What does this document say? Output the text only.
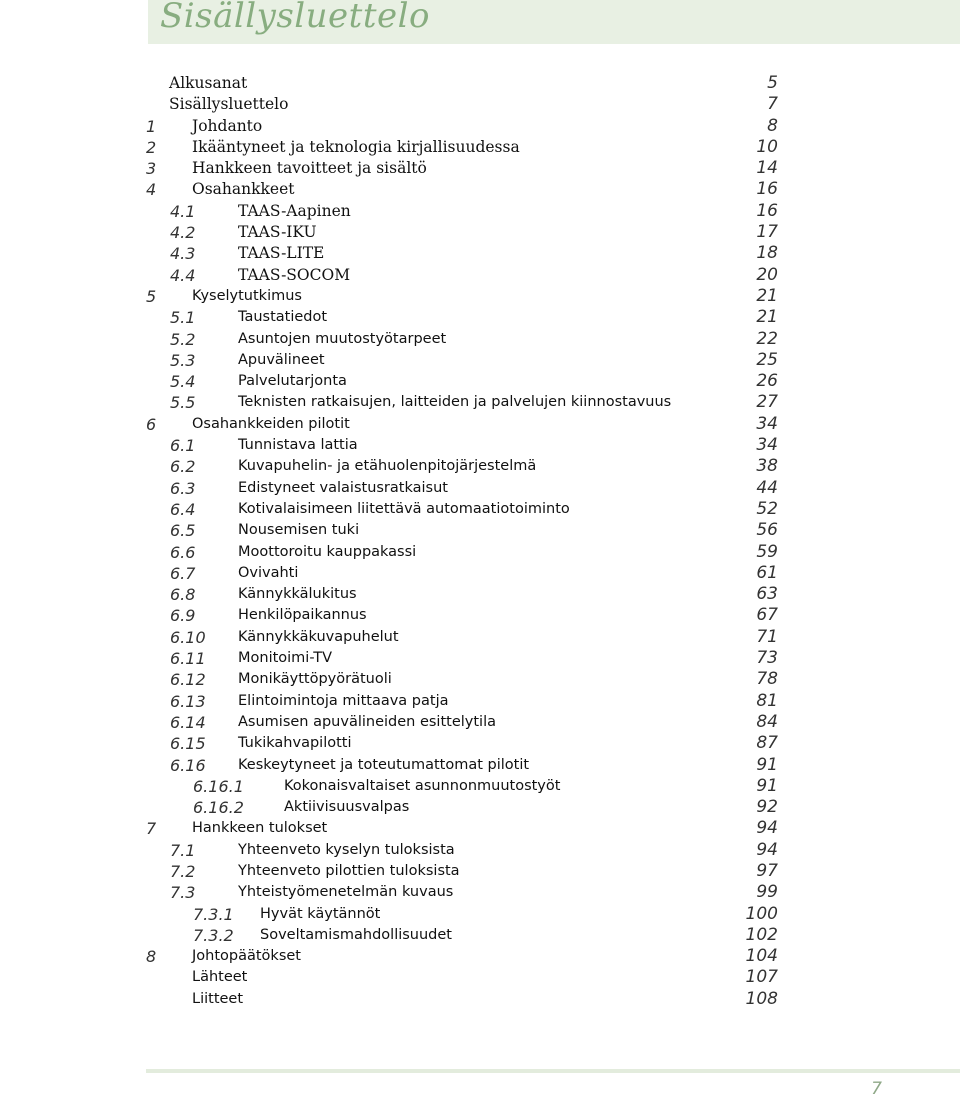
Sisällysluettelo
Alkusanat	5
Sisällysluettelo	7
1 Johdanto	8
2 Ikääntyneet ja teknologia kirjallisuudessa	10
3 Hankkeen tavoitteet ja sisältö	14
4 Osahankkeet	16
4.1	TAAS-Aapinen	16
4.2	TAAS-IKU	17
4.3	TAAS-LITE	18
4.4	TAAS-SOCOM	20
5 Kyselytutkimus	21
5.1	Taustatiedot	21
5.2	Asuntojen muutostyötarpeet	22
5.3	Apuvälineet	25
5.4	Palvelutarjonta	26
5.5	Teknisten ratkaisujen, laitteiden ja palvelujen kiinnostavuus	27
6 Osahankkeiden pilotit	34
6.1	Tunnistava lattia	34
6.2	Kuvapuhelin- ja etähuolenpitojärjestelmä	38
6.3	Edistyneet valaistusratkaisut	44
6.4	Kotivalaisimeen liitettävä automaatiotoiminto	52
6.5	Nousemisen tuki	56
6.6	Moottoroitu kauppakassi	59
6.7	Ovivahti	61
6.8	Kännykkälukitus	63
6.9	Henkilöpaikannus	67
6.10 Kännykkäkuvapuhelut	71
6.11 Monitoimi-TV	73
6.12 Monikäyttöpyörätuoli	78
6.13 Elintoimintoja mittaava patja	81
6.14 Asumisen apuvälineiden esittelytila	84
6.15 Tukikahvapilotti	87
6.16 Keskeytyneet ja toteutumattomat pilotit	91
6.16.1	Kokonaisvaltaiset asunnonmuutostyöt	91
6.16.2	Aktiivisuusvalpas	92
7 Hankkeen tulokset	94
7.1	Yhteenveto kyselyn tuloksista	94
7.2	Yhteenveto pilottien tuloksista	97
7.3	Yhteistyömenetelmän kuvaus	99
7.3.1 Hyvät käytännöt	100
7.3.2 Soveltamismahdollisuudet	102
8 Johtopäätökset	104
Lähteet	107
Liitteet	108
7
